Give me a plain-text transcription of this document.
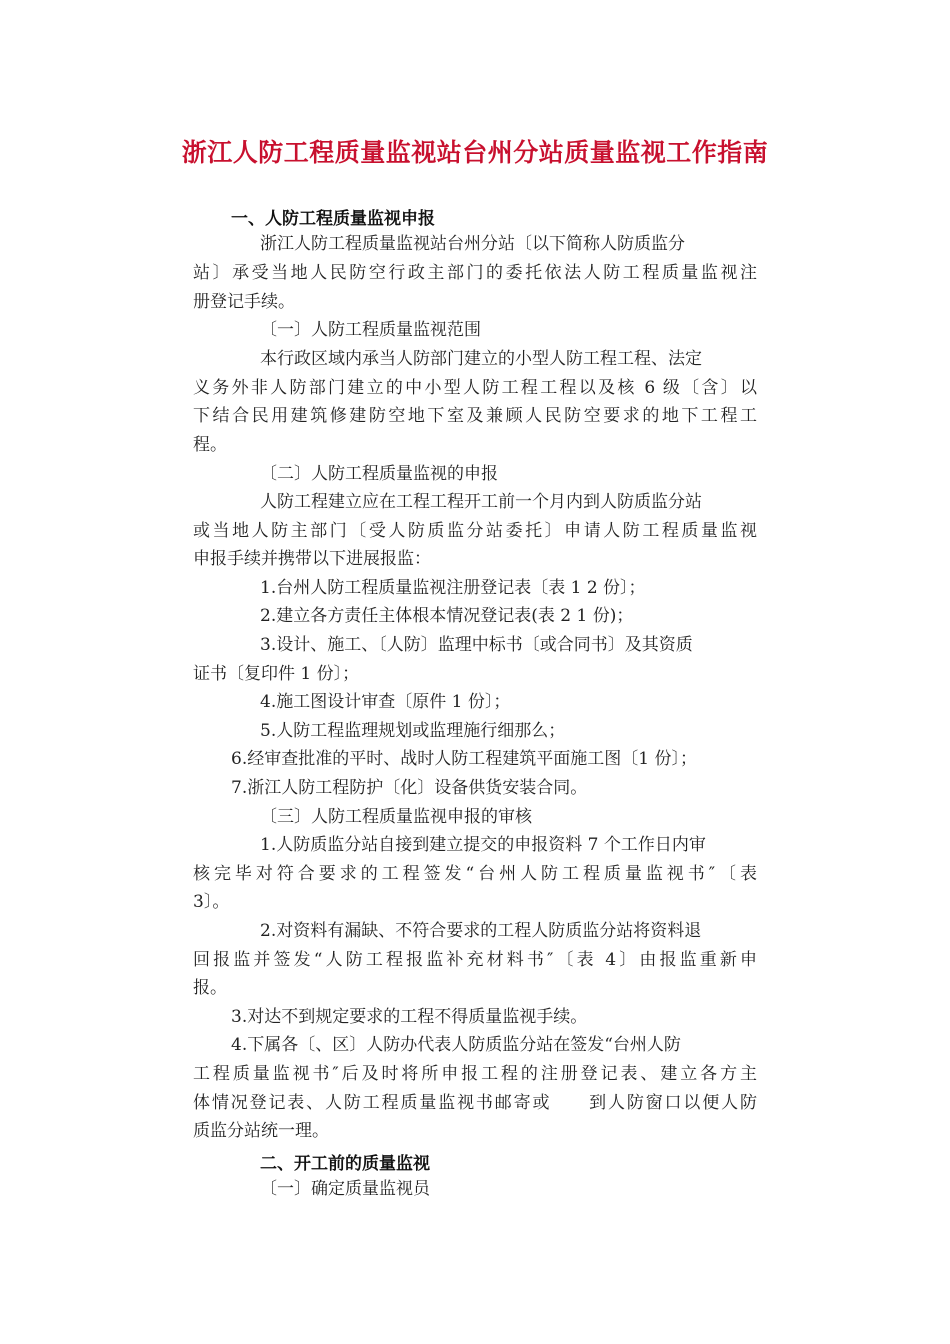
浙江人防工程质量监视站台州分站质量监视工作指南
一、人防工程质量监视申报
浙江人防工程质量监视站台州分站〔以下简称人防质监分
站〕承受当地人民防空行政主部门的委托依法人防工程质量监视注
册登记手续。
〔一〕人防工程质量监视范围
本行政区域内承当人防部门建立的小型人防工程工程、法定
义务外非人防部门建立的中小型人防工程工程以及核 6 级〔含〕以
下结合民用建筑修建防空地下室及兼顾人民防空要求的地下工程工
程。
〔二〕人防工程质量监视的申报
人防工程建立应在工程工程开工前一个月内到人防质监分站
或当地人防主部门〔受人防质监分站委托〕申请人防工程质量监视
申报手续并携带以下进展报监：
1.台州人防工程质量监视注册登记表〔表 1 2 份〕；
2.建立各方责任主体根本情况登记表(表 2 1 份)；
3.设计、施工、〔人防〕监理中标书〔或合同书〕及其资质
证书〔复印件 1 份〕；
4.施工图设计审查〔原件 1 份〕；
5.人防工程监理规划或监理施行细那么；
6.经审查批准的平时、战时人防工程建筑平面施工图〔1 份〕；
7.浙江人防工程防护〔化〕设备供货安装合同。
〔三〕人防工程质量监视申报的审核
1.人防质监分站自接到建立提交的申报资料 7 个工作日内审
核完毕对符合要求的工程签发“台州人防工程质量监视书″〔表
3〕。
2.对资料有漏缺、不符合要求的工程人防质监分站将资料退
回报监并签发“人防工程报监补充材料书″〔表 4〕由报监重新申
报。
3.对达不到规定要求的工程不得质量监视手续。
4.下属各〔、区〕人防办代表人防质监分站在签发“台州人防
工程质量监视书″后及时将所申报工程的注册登记表、建立各方主
体情况登记表、人防工程质量监视书邮寄或　　到人防窗口以便人防
质监分站统一理。
二、开工前的质量监视
〔一〕确定质量监视员
